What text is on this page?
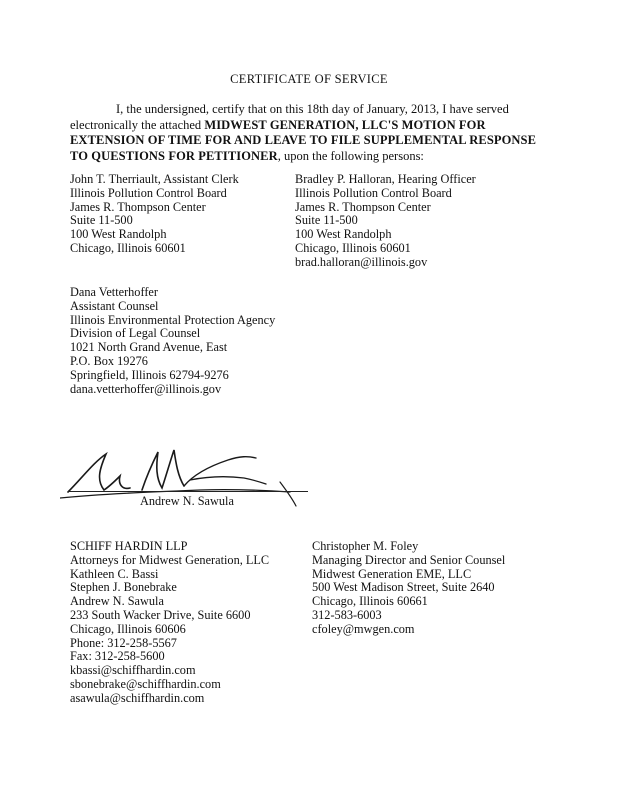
CERTIFICATE OF SERVICE
I, the undersigned, certify that on this 18th day of January, 2013, I have served electronically the attached MIDWEST GENERATION, LLC'S MOTION FOR EXTENSION OF TIME FOR AND LEAVE TO FILE SUPPLEMENTAL RESPONSE TO QUESTIONS FOR PETITIONER, upon the following persons:
John T. Therriault, Assistant Clerk
Illinois Pollution Control Board
James R. Thompson Center
Suite 11-500
100 West Randolph
Chicago, Illinois 60601
Bradley P. Halloran, Hearing Officer
Illinois Pollution Control Board
James R. Thompson Center
Suite 11-500
100 West Randolph
Chicago, Illinois 60601
brad.halloran@illinois.gov
Dana Vetterhoffer
Assistant Counsel
Illinois Environmental Protection Agency
Division of Legal Counsel
1021 North Grand Avenue, East
P.O. Box 19276
Springfield, Illinois 62794-9276
dana.vetterhoffer@illinois.gov
Andrew N. Sawula
SCHIFF HARDIN LLP
Attorneys for Midwest Generation, LLC
Kathleen C. Bassi
Stephen J. Bonebrake
Andrew N. Sawula
233 South Wacker Drive, Suite 6600
Chicago, Illinois 60606
Phone: 312-258-5567
Fax: 312-258-5600
kbassi@schiffhardin.com
sbonebrake@schiffhardin.com
asawula@schiffhardin.com
Christopher M. Foley
Managing Director and Senior Counsel
Midwest Generation EME, LLC
500 West Madison Street, Suite 2640
Chicago, Illinois 60661
312-583-6003
cfoley@mwgen.com
